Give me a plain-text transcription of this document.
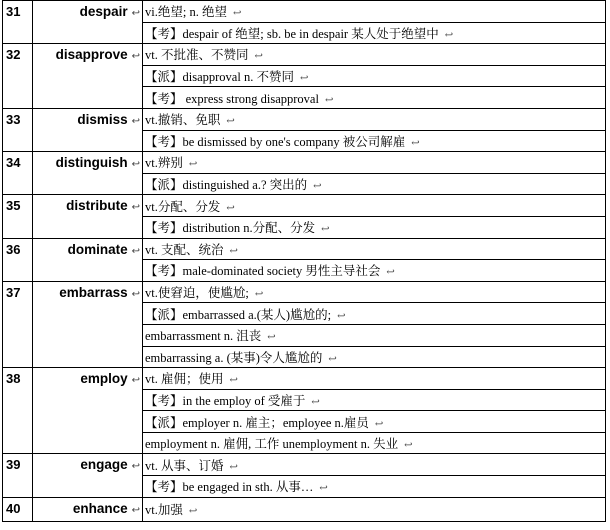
31	despair ↩	vi.绝望; n. 绝望 ↩
		【考】despair of 绝望; sb. be in despair 某人处于绝望中 ↩
32	disapprove ↩	vt. 不批准、不赞同 ↩
		【派】disapproval n. 不赞同 ↩
		【考】 express strong disapproval ↩
33	dismiss ↩	vt.撤销、免职 ↩
		【考】be dismissed by one's company 被公司解雇 ↩
34	distinguish ↩	vt.辨别 ↩
		【派】distinguished a.? 突出的 ↩
35	distribute ↩	vt.分配、分发 ↩
		【考】distribution n.分配、分发 ↩
36	dominate ↩	vt. 支配、统治 ↩
		【考】male-dominated society 男性主导社会 ↩
37	embarrass ↩	vt.使窘迫，使尴尬; ↩
		【派】embarrassed a.(某人)尴尬的; ↩
		embarrassment n. 沮丧 ↩
		embarrassing a. (某事)令人尴尬的 ↩
38	employ ↩	vt. 雇佣；使用 ↩
		【考】in the employ of 受雇于 ↩
		【派】employer n. 雇主；employee n.雇员 ↩
		employment n. 雇佣, 工作 unemployment n. 失业 ↩
39	engage ↩	vt. 从事、订婚 ↩
		【考】be engaged in sth. 从事… ↩
40	enhance ↩	vt.加强 ↩
